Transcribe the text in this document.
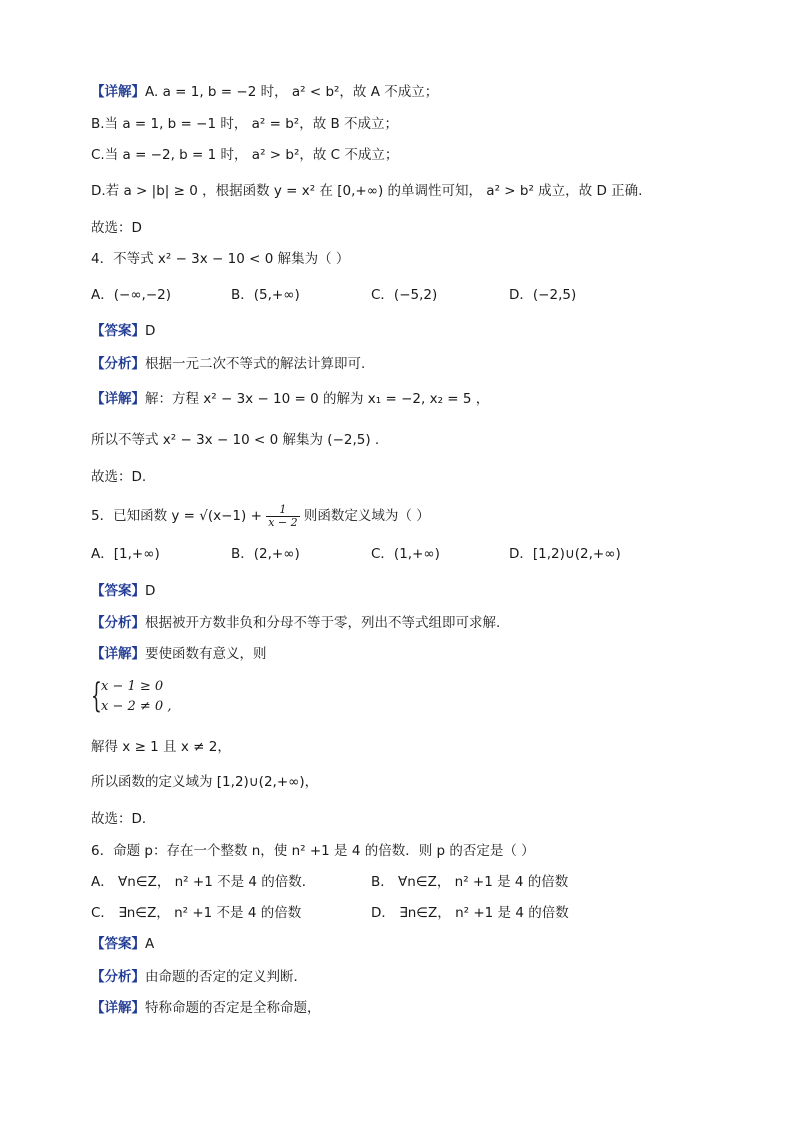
【详解】A. a = 1, b = −2 时， a² < b²，故 A 不成立；
B.当 a = 1, b = −1 时， a² = b²，故 B 不成立；
C.当 a = −2, b = 1 时， a² > b²，故 C 不成立；
D.若 a > |b| ≥ 0 ，根据函数 y = x² 在 [0,+∞) 的单调性可知， a² > b² 成立，故 D 正确.
故选：D
4．不等式 x² − 3x − 10 < 0 解集为（ ）
A．(−∞,−2)	B．(5,+∞)	C．(−5,2)	D．(−2,5)
【答案】D
【分析】根据一元二次不等式的解法计算即可.
【详解】解：方程 x² − 3x − 10 = 0 的解为 x₁ = −2, x₂ = 5 ，
所以不等式 x² − 3x − 10 < 0 解集为 (−2,5) .
故选：D.
5．已知函数 $y = √(x-1) + \frac{1}{x - 2}$ 则函数定义域为（ ）
A．[1,+∞)	B．(2,+∞)	C．(1,+∞)	D．[1,2)∪(2,+∞)
【答案】D
【分析】根据被开方数非负和分母不等于零，列出不等式组即可求解.
【详解】要使函数有意义，则
{ x − 1 ≥ 0
x − 2 ≠ 0 ,
解得 x ≥ 1 且 x ≠ 2，
所以函数的定义域为 [1,2)∪(2,+∞)，
故选：D．
6．命题 p：存在一个整数 n，使 n² +1 是 4 的倍数．则 p 的否定是（ ）
A． ∀n∈Z， n² +1 不是 4 的倍数．	B． ∀n∈Z， n² +1 是 4 的倍数
C． ∃n∈Z， n² +1 不是 4 的倍数	D． ∃n∈Z， n² +1 是 4 的倍数
【答案】A
【分析】由命题的否定的定义判断．
【详解】特称命题的否定是全称命题，
